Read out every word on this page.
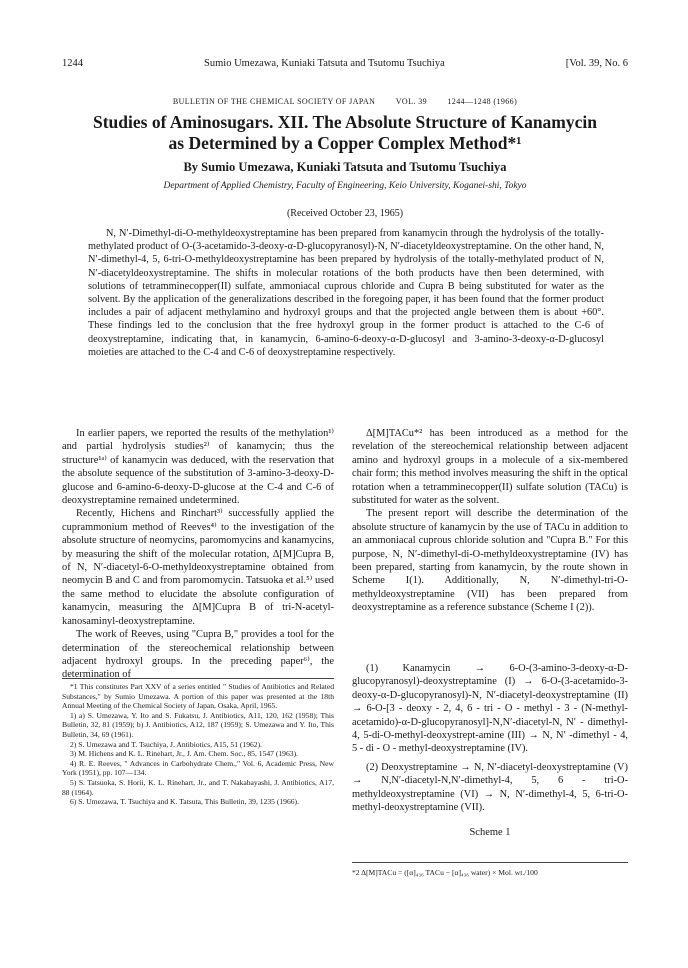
1244	Sumio Umezawa, Kuniaki Tatsuta and Tsutomu Tsuchiya	[Vol. 39, No. 6
BULLETIN OF THE CHEMICAL SOCIETY OF JAPAN	VOL. 39	1244—1248 (1966)
Studies of Aminosugars. XII. The Absolute Structure of Kanamycin
as Determined by a Copper Complex Method*¹
By Sumio Umezawa, Kuniaki Tatsuta and Tsutomu Tsuchiya
Department of Applied Chemistry, Faculty of Engineering, Keio University, Koganei-shi, Tokyo
(Received October 23, 1965)

N, N′-Dimethyl-di-O-methyldeoxystreptamine has been prepared from kanamycin through the hydrolysis of the totally-methylated product of O-(3-acetamido-3-deoxy-α-D-glucopyranosyl)-N, N′-diacetyldeoxystreptamine. On the other hand, N, N′-dimethyl-4, 5, 6-tri-O-methyldeoxystreptamine has been prepared by hydrolysis of the totally-methylated product of N, N′-diacetyldeoxystreptamine. The shifts in molecular rotations of the both products have then been determined, with solutions of tetramminecopper(II) sulfate, ammoniacal cuprous chloride and Cupra B being substituted for water as the solvent. By the application of the generalizations described in the foregoing paper, it has been found that the former product includes a pair of adjacent methylamino and hydroxyl groups and that the projected angle between them is about +60°. These findings led to the conclusion that the free hydroxyl group in the former product is attached to the C-6 of deoxystreptamine, indicating that, in kanamycin, 6-amino-6-deoxy-α-D-glucosyl and 3-amino-3-deoxy-α-D-glucosyl moieties are attached to the C-4 and C-6 of deoxystreptamine respectively.

In earlier papers, we reported the results of the methylation¹⁾ and partial hydrolysis studies²⁾ of kanamycin; thus the structure¹ᵃ⁾ of kanamycin was deduced, with the reservation that the absolute sequence of the substitution of 3-amino-3-deoxy-D-glucose and 6-amino-6-deoxy-D-glucose at the C-4 and C-6 of deoxystreptamine remained undetermined.

Recently, Hichens and Rinchart³⁾ successfully applied the cuprammonium method of Reeves⁴⁾ to the investigation of the absolute structure of neomycins, paromomycins and kanamycins, by measuring the shift of the molecular rotation, Δ[M]Cupra B, of N, N′-diacetyl-6-O-methyldeoxystreptamine obtained from neomycin B and C and from paromomycin. Tatsuoka et al.⁵⁾ used the same method to elucidate the absolute configuration of kanamycin, measuring the Δ[M]Cupra B of tri-N-acetyl-kanosaminyl-deoxystreptamine.

The work of Reeves, using "Cupra B," provides a tool for the determination of the stereochemical relationship between adjacent hydroxyl groups. In the preceding paper⁶⁾, the determination of

*1 This constitutes Part XXV of a series entitled " Studies of Antibiotics and Related Substances," by Sumio Umezawa. A portion of this paper was presented at the 18th Annual Meeting of the Chemical Society of Japan, Osaka, April, 1965.
1) a) S. Umezawa, Y. Ito and S. Fukatsu, J. Antibiotics, A11, 120, 162 (1958); This Bulletin, 32, 81 (1959); b) J. Antibiotics, A12, 187 (1959); S. Umezawa and Y. Ito, This Bulletin, 34, 69 (1961).
2) S. Umezawa and T. Tsuchiya, J. Antibiotics, A15, 51 (1962).
3) M. Hichens and K. L. Rinehart, Jr., J. Am. Chem. Soc., 85, 1547 (1963).
4) R. E. Reeves, " Advances in Carbohydrate Chem.," Vol. 6, Academic Press, New York (1951), pp. 107—134.
5) S. Tatsuoka, S. Horii, K. L. Rinehart, Jr., and T. Nakabayashi, J. Antibiotics, A17, 88 (1964).
6) S. Umezawa, T. Tsuchiya and K. Tatsuta, This Bulletin, 39, 1235 (1966).

Δ[M]TACu*² has been introduced as a method for the revelation of the stereochemical relationship between adjacent amino and hydroxyl groups in a molecule of a six-membered chair form; this method involves measuring the shift in the optical rotation when a tetramminecopper(II) sulfate solution (TACu) is substituted for water as the solvent.

The present report will describe the determination of the absolute structure of kanamycin by the use of TACu in addition to an ammoniacal cuprous chloride solution and "Cupra B." For this purpose, N, N′-dimethyl-di-O-methyldeoxystreptamine (IV) has been prepared, starting from kanamycin, by the route shown in Scheme I(1). Additionally, N, N′-dimethyl-tri-O-methyldeoxystreptamine (VII) has been prepared from deoxystreptamine as a reference substance (Scheme I (2)).

(1) Kanamycin → 6-O-(3-amino-3-deoxy-α-D-glucopyranosyl)-deoxystreptamine (I) → 6-O-(3-acetamido-3-deoxy-α-D-glucopyranosyl)-N, N′-diacetyl-deoxystreptamine (II) → 6-O-[3 - deoxy - 2, 4, 6 - tri - O - methyl - 3 - (N-methyl-acetamido)-α-D-glucopyranosyl]-N,N′-diacetyl-N, N′ - dimethyl-4, 5-di-O-methyl-deoxystrept-amine (III) → N, N′ -dimethyl - 4, 5 - di - O - methyl-deoxystreptamine (IV).
(2) Deoxystreptamine → N, N′-diacetyl-deoxystreptamine (V) → N,N′-diacetyl-N,N′-dimethyl-4, 5, 6 - tri-O-methyldeoxystreptamine (VI) → N, N′-dimethyl-4, 5, 6-tri-O-methyl-deoxystreptamine (VII).
Scheme 1
*2 Δ[M]TACu = ([α]₄₃₆ TACu − [α]₄₃₆ water) × Mol. wt./100
